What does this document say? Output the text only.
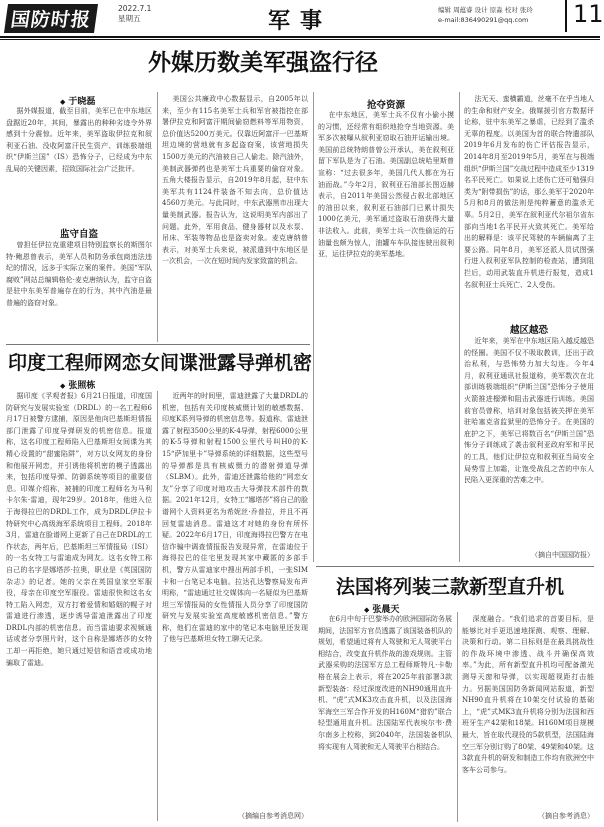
国防时报
2022.7.1
星期五	军事	编辑 周蕴睿 设计 原淼 校对 张玲
e-mail:836490291@qq.com	11
外媒历数美军强盗行径
◆ 于晓磊

据外媒报道，截至目前，美军已在中东地区盘踞近20年，其间，暴露出的种种劣迹令外界感到十分震惊。近年来，美军盗取伊拉克和叙利亚石油、没收阿富汗民生资产、训练极端组织“伊斯兰国”（IS）恐怖分子，已经成为中东乱局的关键因素，招致国际社会广泛批评。

监守自盗

曾担任伊拉克重建项目特别监察长的斯图尔特·鲍恩曾表示，美军人员和防务承包商违法违纪的情况，远多于实际立案的案件。美国“军队腐败”网站总编辑格伦·麦克唐纳认为，监守自盗是驻中东美军普遍存在的行为，其中汽油是最普遍的盗窃对象。

美国公共廉政中心数据显示，自2005年以来，至少有115名美军士兵和军官被指控在部署伊拉克和阿富汗期间偷窃燃料等军用物资，总价值达5200万美元。仅靠近阿富汗一巴基斯坦边境的营地就有多起盗窃案，该营地损失1500万美元的汽油被自己人偷走。除汽油外，美制武器弹药也是美军士兵重要的偷窃对象。五角大楼报告显示，自2019年8月起，驻中东美军共有1124件装备不知去向，总价值达4560万美元。与此同时，中东武器黑市出现大量美制武器。报告认为，这说明美军内部出了问题。此外，军用食品、健身器材以及水泵、吊床、军装等物品也是盗卖对象。麦克唐纳曾表示，对美军士兵来说，被派遣到中东地区是一次机会，一次在短时间内发家致富的机会。

抢夺资源

在中东地区，美军士兵不仅有小偷小摸的习惯，还经常有组织地抢夺当地资源。美军多次被曝从叙利亚窃取石油并运输出境。美国前总统特朗普曾公开承认，美在叙利亚留下军队是为了石油。美国副总统哈里斯曾宣称：“过去很多年，美国几代人都在为石油而战。”今年2月，叙利亚石油部长图迈赫表示，自2011年美国公然侵占叙北部地区的油田以来，叙利亚石油部门已累计损失1000亿美元，美军通过盗取石油获得大量非法收入。此前，美军士兵一次性偷运的石油量也颇为惊人，油罐车车队接连驶出叙利亚，运往伊拉克的美军基地。

法无天、蛮横霸道，丝毫不在乎当地人的生命和财产安全。俄媒援引官方数据评论称，驻中东美军之暴虐，已经到了滥杀无辜的程度。以美国为首的联合特遣部队2019年6月发布的伤亡评估报告显示，2014年8月至2019年5月，美军在与极端组织“伊斯兰国”交战过程中造成至少1319名平民死亡。如果说上述伤亡还可勉强归类为“附带损伤”的话，那么美军于2020年5月和8月的做法则是纯粹蓄意的滥杀无辜。5月2日，美军在叙利亚代尔祖尔省东部向当地1名平民开火致其死亡。美军给出的解释是：该平民驾驶的车辆偏离了主要公路。同年8月，美军还派人员试图强行进入叙利亚军队控制的检查站，遭到阻拦后，动用武装直升机进行报复，造成1名叙利亚士兵死亡、2人受伤。

越区越恐

近年来，美军在中东地区陷入越反越恐的怪圈。美国不仅不吸取教训，还出于政治私利，与恐怖势力加大勾连。今年4月，叙利亚通讯社报道称，美军数次在北部训练极端组织“伊斯兰国”恐怖分子使用火箭推进榴弹和阻击武器进行训练。美国前官员曾称，培训对象包括被关押在美军驻哈塞克省监狱里的恐怖分子。在美国的庇护之下，美军已将数百名“伊斯兰国”恐怖分子训练成了袭击叙利亚政府军和平民的工具，他们让伊拉克和叙利亚当局安全局势雪上加霜，让饱受战乱之苦的中东人民陷入更深重的苦难之中。

（摘自中国国防报）
印度工程师网恋女间谍泄露导弹机密
◆ 张照栋

据印度《孚观者报》6月21日报道，印度国防研究与发展实验室（DRDL）的一名工程师6月17日被警方逮捕，原因是他向巴基斯坦情报部门泄露了印度导弹研发的机密信息。报道称，这名印度工程师陷入巴基斯坦女间谍为其精心设置的“甜蜜陷阱”，对方以女网友的身份和他展开网恋，并引诱他将机密的模子透露出来，包括印度导弹、防御系统等项目的重要信息。印媒介绍称，被捕的印度工程师名为马利卡尔朱·雷迪，现年29岁。2018年，他进入位于海得拉巴的DRDL工作，成为DRDL伊拉卡特研究中心高级海军系统项目工程师。2018年3月，雷迪在脸谱网上更新了自己在DRDL的工作状态，两年后，巴基斯坦三军情报局（ISI）的一名女特工与雷迪成为网友。这名女特工称自己的名字是娜塔莎·拉奥，职业是《英国国防杂志》的记者。她的父亲在英国皇家空军服役，母亲在印度空军服役。雷迪很快和这名女特工陷入网恋，双方打着爱情和婚姻的幌子对雷迪进行渗透，逐步诱导雷迪泄露出了印度DRDL内部的机密信息。而当雷迪要求视频通话或者分享照片时，这个自称是娜塔莎的女特工却一再拒绝，她只通过短信和语音或成功地骗取了雷迪。

近两年的时间里，雷迪泄露了大量DRDL的机密，包括有关印度核威慑计划的敏感数据、印度K系列导弹的机密信息等。报道称，雷迪泄露了射程3500公里的K-4导弹，射程6000公里的K-5导弹和射程1500公里代号叫H0的K-15“萨加里卡”导弹系统的详细数据，这些型号的导弹都是具有核威慑力的潜射弹道导弹（SLBM）。此外，雷迪还泄露给他的“网恋女友”分享了印度对地攻击大导弹技术部件的数据。2021年12月，女特工“娜塔莎”将自己的脸谱网个人资料更名为希妮丝·乔普拉，并且不再回复雷迪消息。雷迪这才对她的身份有所怀疑。2022年6月17日，印度海得拉巴警方在电信诈骗中调查情报报告发现异常，在雷迪位于海得拉巴的住宅里发现其家中藏匿的多部手机，警方从雷迪家中搜出两部手机，一张SIM卡和一台笔记本电脑。拉达孔达警察局发布声明称，“雷迪通过社交媒体向一名疑似为巴基斯坦三军情报局的女性情报人员分享了印度国防研究与发展实验室高度敏感机密信息。”警方称，他们在雷迪的家中的笔记本电脑里还发现了他与巴基斯坦女特工聊天记录。

（摘编自参考消息网）
法国将列装三款新型直升机
◆ 张晨天

在6月中旬于巴黎举办的欧洲国际防务展期间，法国军方官员透露了该国装备机队的规划，希望通过将有人驾驶和无人驾驶平台相结合，改变直升机作战的游戏规则。主管武器采购的法国军方总工程师斯特凡·卡勒格在展会上表示，将在2025年前部署3款新型装备：经过深度改进的NH90通用直升机、“虎”式MK3攻击直升机，以及法国海军海空三军合作开发的H160M“猎豹”联合轻型通用直升机。法国陆军代表埃尔韦·费尔南多上校称，到2040年，法国装备机队将实现有人驾驶和无人驾驶平台相结合。

深度融合。“我们追求的首要目标，是能够比对手更迅速地探测、观察、理解、决策和行动。第二目标则是在最具挑战性的作战环境中渗透、战斗并确保高效率。”为此，所有新型直升机均可配备激光测导天窗和导弹，以实现超视距打击能力。另据美国国防务新闻网站报道，新型NH90直升机将在10架交付试验的基础上，“虎”式MK3直升机将分别为法国和西班牙生产42架和18架。H160M项目规模最大，旨在取代现役的5款机型，法国陆海空三军分别订购了80架、49架和40架。这3款直升机的研发和制造工作均有欧洲空中客车公司参与。

（摘自参考消息）
